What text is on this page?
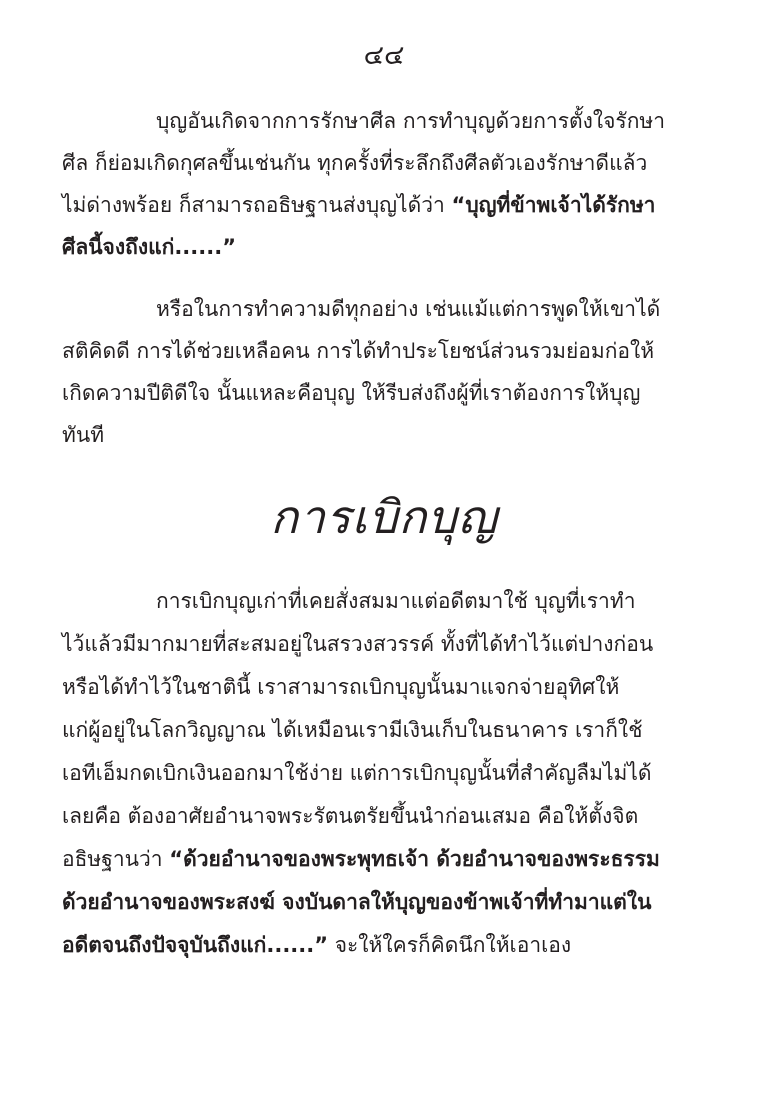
๔๔
บุญอันเกิดจากการรักษาศีล การทำบุญด้วยการตั้งใจรักษา
ศีล ก็ย่อมเกิดกุศลขึ้นเช่นกัน ทุกครั้งที่ระลึกถึงศีลตัวเองรักษาดีแล้ว
ไม่ด่างพร้อย ก็สามารถอธิษฐานส่งบุญได้ว่า “บุญที่ข้าพเจ้าได้รักษา
ศีลนี้จงถึงแก่......”
หรือในการทำความดีทุกอย่าง เช่นแม้แต่การพูดให้เขาได้
สติคิดดี การได้ช่วยเหลือคน การได้ทำประโยชน์ส่วนรวมย่อมก่อให้
เกิดความปีติดีใจ นั้นแหละคือบุญ ให้รีบส่งถึงผู้ที่เราต้องการให้บุญ
ทันที
การเบิกบุญ
การเบิกบุญเก่าที่เคยสั่งสมมาแต่อดีตมาใช้ บุญที่เราทำ
ไว้แล้วมีมากมายที่สะสมอยู่ในสรวงสวรรค์ ทั้งที่ได้ทำไว้แต่ปางก่อน
หรือได้ทำไว้ในชาตินี้ เราสามารถเบิกบุญนั้นมาแจกจ่ายอุทิศให้
แก่ผู้อยู่ในโลกวิญญาณ ได้เหมือนเรามีเงินเก็บในธนาคาร เราก็ใช้
เอทีเอ็มกดเบิกเงินออกมาใช้ง่าย แต่การเบิกบุญนั้นที่สำคัญลืมไม่ได้
เลยคือ ต้องอาศัยอำนาจพระรัตนตรัยขึ้นนำก่อนเสมอ คือให้ตั้งจิต
อธิษฐานว่า “ด้วยอำนาจของพระพุทธเจ้า ด้วยอำนาจของพระธรรม
ด้วยอำนาจของพระสงฆ์ จงบันดาลให้บุญของข้าพเจ้าที่ทำมาแต่ใน
อดีตจนถึงปัจจุบันถึงแก่......” จะให้ใครก็คิดนึกให้เอาเอง
